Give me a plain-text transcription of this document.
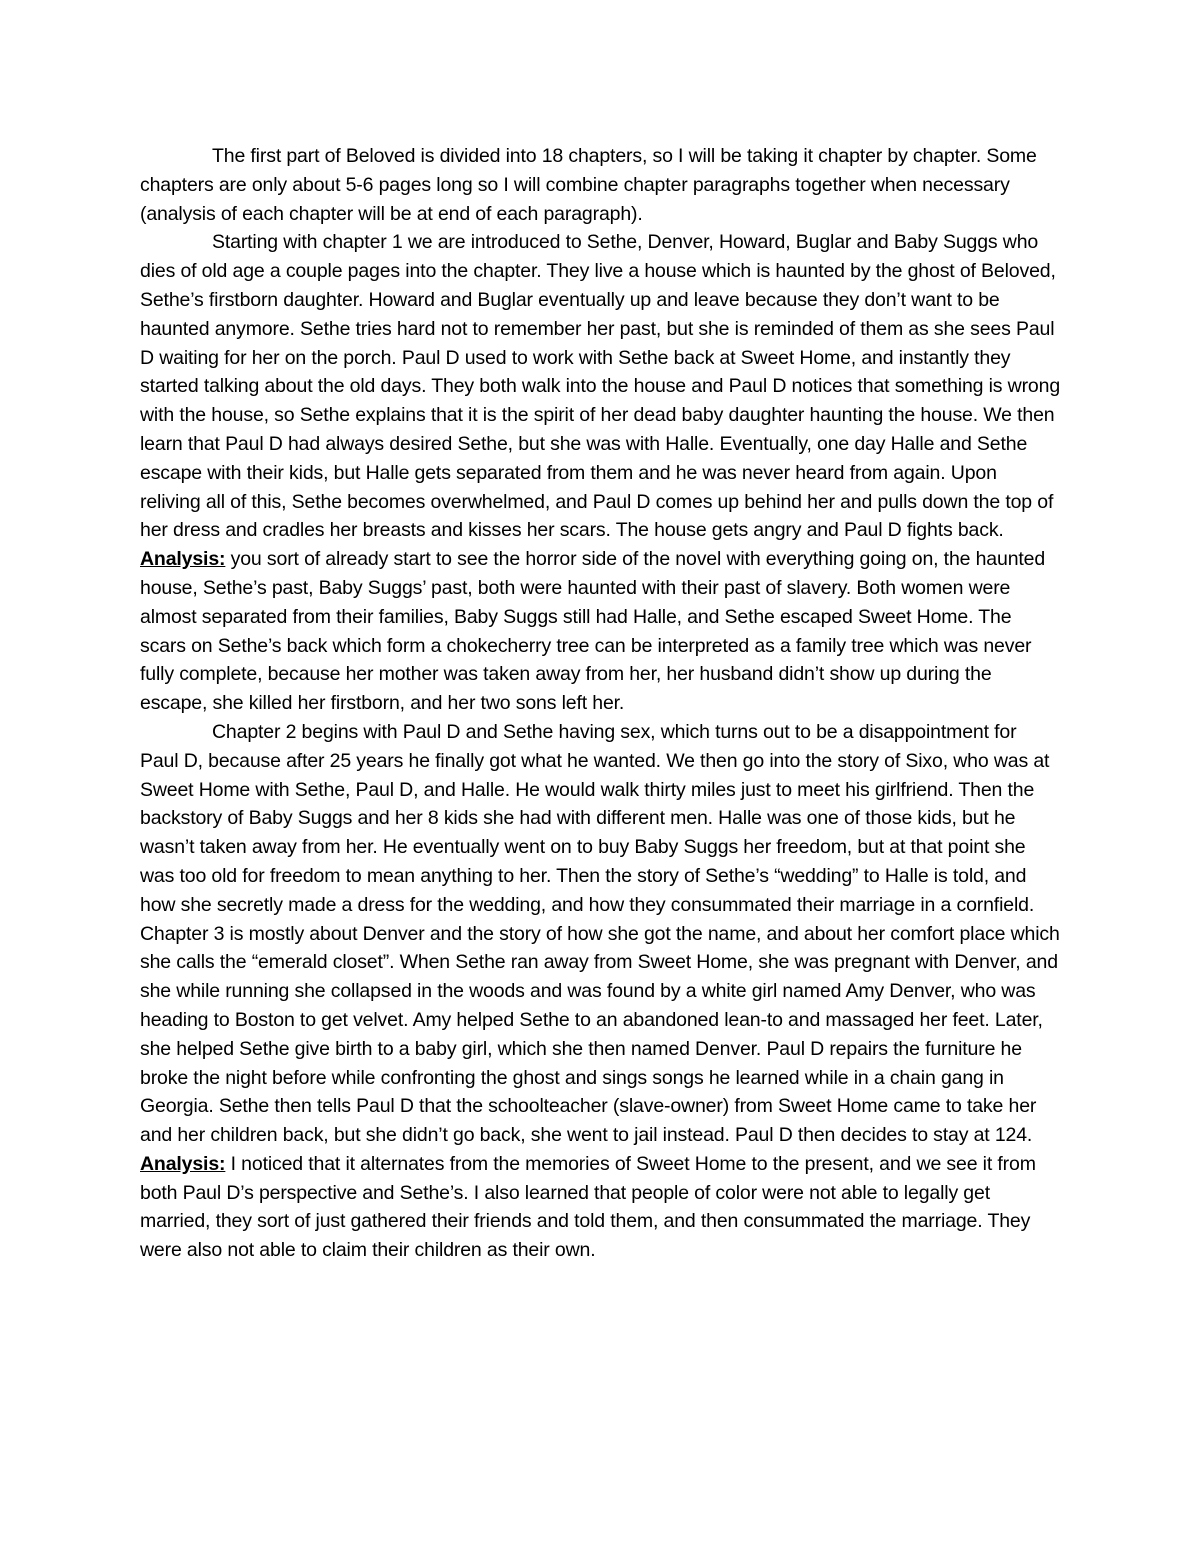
The first part of Beloved is divided into 18 chapters, so I will be taking it chapter by chapter. Some chapters are only about 5-6 pages long so I will combine chapter paragraphs together when necessary (analysis of each chapter will be at end of each paragraph).

Starting with chapter 1 we are introduced to Sethe, Denver, Howard, Buglar and Baby Suggs who dies of old age a couple pages into the chapter. They live a house which is haunted by the ghost of Beloved, Sethe’s firstborn daughter. Howard and Buglar eventually up and leave because they don’t want to be haunted anymore. Sethe tries hard not to remember her past, but she is reminded of them as she sees Paul D waiting for her on the porch. Paul D used to work with Sethe back at Sweet Home, and instantly they started talking about the old days. They both walk into the house and Paul D notices that something is wrong with the house, so Sethe explains that it is the spirit of her dead baby daughter haunting the house. We then learn that Paul D had always desired Sethe, but she was with Halle. Eventually, one day Halle and Sethe escape with their kids, but Halle gets separated from them and he was never heard from again. Upon reliving all of this, Sethe becomes overwhelmed, and Paul D comes up behind her and pulls down the top of her dress and cradles her breasts and kisses her scars. The house gets angry and Paul D fights back. Analysis: you sort of already start to see the horror side of the novel with everything going on, the haunted house, Sethe’s past, Baby Suggs’ past, both were haunted with their past of slavery. Both women were almost separated from their families, Baby Suggs still had Halle, and Sethe escaped Sweet Home. The scars on Sethe’s back which form a chokecherry tree can be interpreted as a family tree which was never fully complete, because her mother was taken away from her, her husband didn’t show up during the escape, she killed her firstborn, and her two sons left her.

Chapter 2 begins with Paul D and Sethe having sex, which turns out to be a disappointment for Paul D, because after 25 years he finally got what he wanted. We then go into the story of Sixo, who was at Sweet Home with Sethe, Paul D, and Halle. He would walk thirty miles just to meet his girlfriend. Then the backstory of Baby Suggs and her 8 kids she had with different men. Halle was one of those kids, but he wasn’t taken away from her. He eventually went on to buy Baby Suggs her freedom, but at that point she was too old for freedom to mean anything to her. Then the story of Sethe’s “wedding” to Halle is told, and how she secretly made a dress for the wedding, and how they consummated their marriage in a cornfield. Chapter 3 is mostly about Denver and the story of how she got the name, and about her comfort place which she calls the “emerald closet”. When Sethe ran away from Sweet Home, she was pregnant with Denver, and she while running she collapsed in the woods and was found by a white girl named Amy Denver, who was heading to Boston to get velvet. Amy helped Sethe to an abandoned lean-to and massaged her feet. Later, she helped Sethe give birth to a baby girl, which she then named Denver. Paul D repairs the furniture he broke the night before while confronting the ghost and sings songs he learned while in a chain gang in Georgia. Sethe then tells Paul D that the schoolteacher (slave-owner) from Sweet Home came to take her and her children back, but she didn’t go back, she went to jail instead. Paul D then decides to stay at 124. Analysis: I noticed that it alternates from the memories of Sweet Home to the present, and we see it from both Paul D’s perspective and Sethe’s. I also learned that people of color were not able to legally get married, they sort of just gathered their friends and told them, and then consummated the marriage. They were also not able to claim their children as their own.
